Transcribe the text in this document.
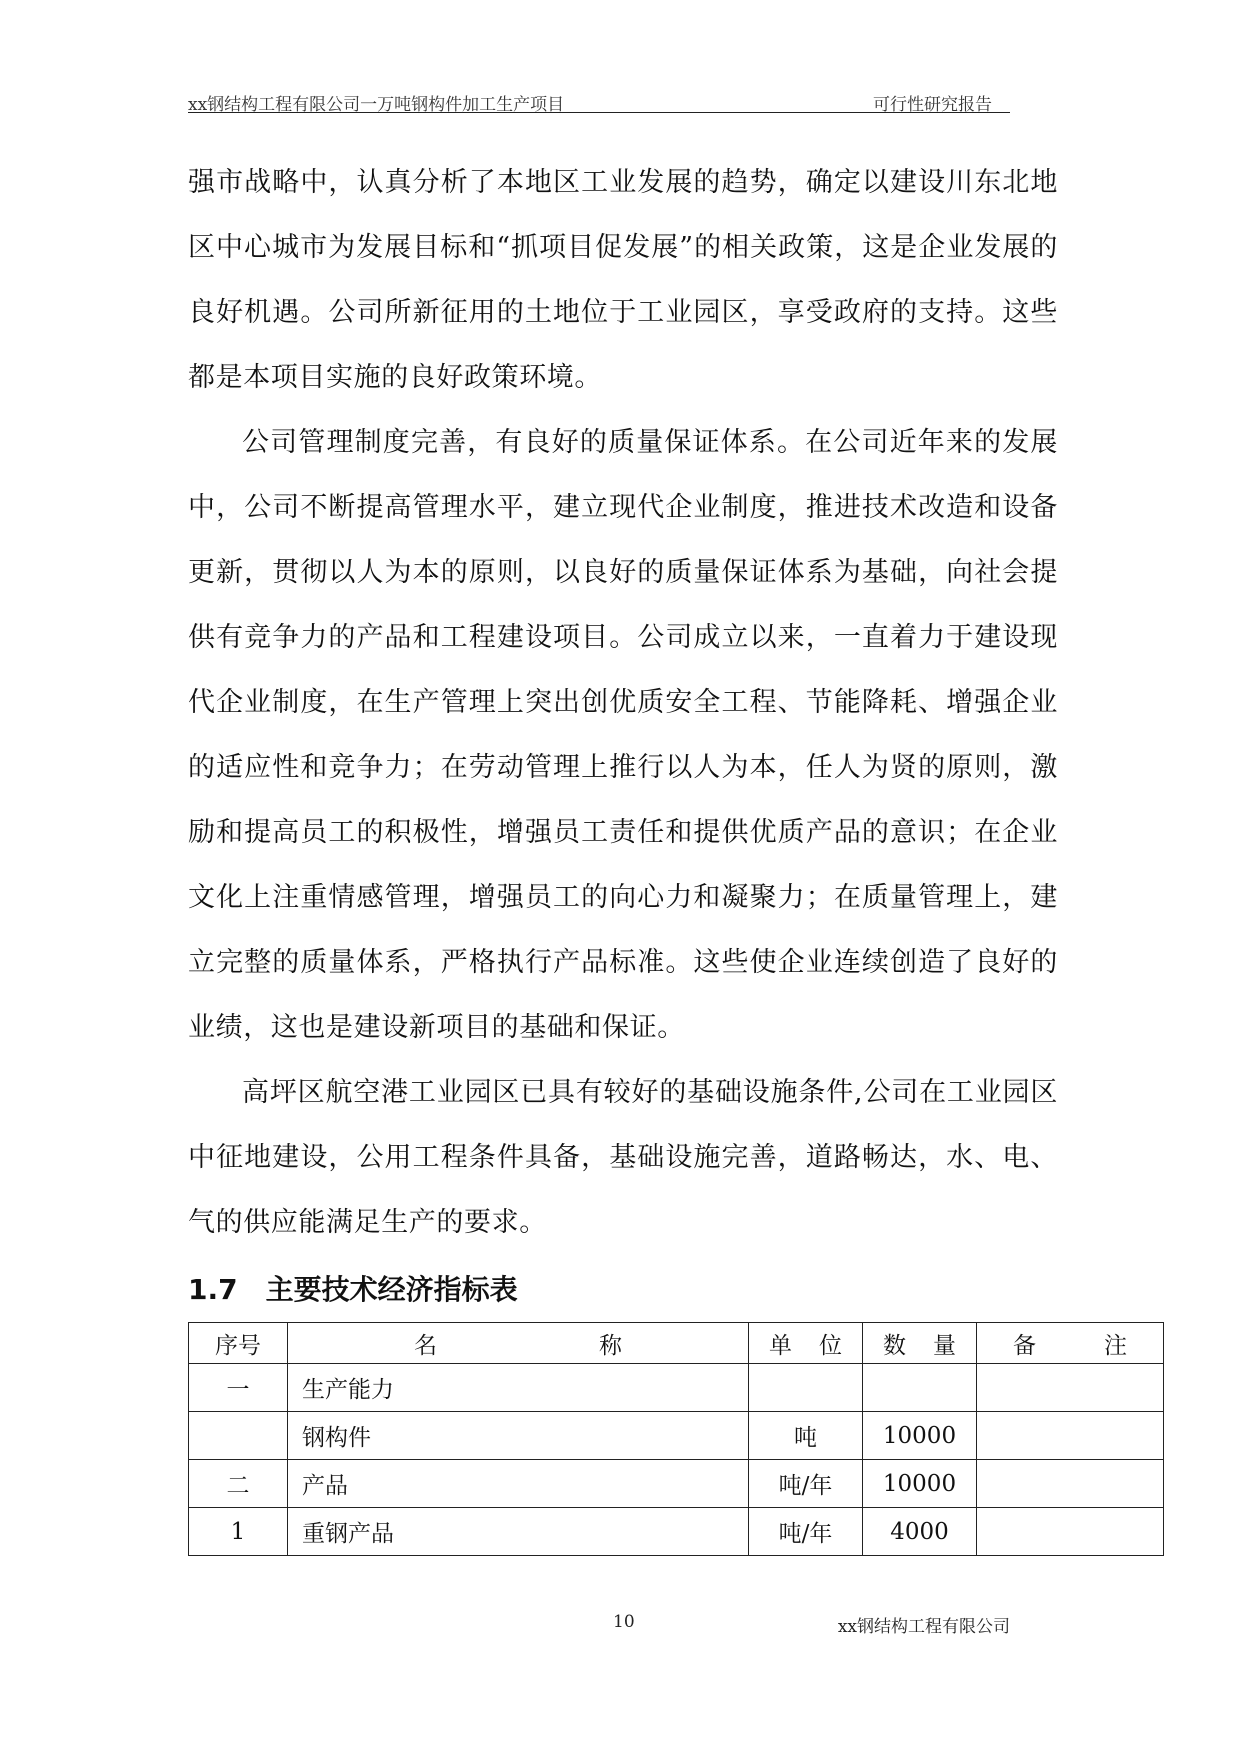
xx钢结构工程有限公司一万吨钢构件加工生产项目	可行性研究报告

强市战略中，认真分析了本地区工业发展的趋势，确定以建设川东北地区中心城市为发展目标和“抓项目促发展”的相关政策，这是企业发展的良好机遇。公司所新征用的土地位于工业园区，享受政府的支持。这些都是本项目实施的良好政策环境。

公司管理制度完善，有良好的质量保证体系。在公司近年来的发展中，公司不断提高管理水平，建立现代企业制度，推进技术改造和设备更新，贯彻以人为本的原则，以良好的质量保证体系为基础，向社会提供有竞争力的产品和工程建设项目。公司成立以来，一直着力于建设现代企业制度，在生产管理上突出创优质安全工程、节能降耗、增强企业的适应性和竞争力；在劳动管理上推行以人为本，任人为贤的原则，激励和提高员工的积极性，增强员工责任和提供优质产品的意识；在企业文化上注重情感管理，增强员工的向心力和凝聚力；在质量管理上，建立完整的质量体系，严格执行产品标准。这些使企业连续创造了良好的业绩，这也是建设新项目的基础和保证。

高坪区航空港工业园区已具有较好的基础设施条件,公司在工业园区中征地建设，公用工程条件具备，基础设施完善，道路畅达，水、电、气的供应能满足生产的要求。

1.7 主要技术经济指标表
序号	名 称	单 位	数 量	备 注

一	生产能力			
	钢构件	吨	10000	
二	产品	吨/年	10000	
1	重钢产品	吨/年	4000	
10	xx钢结构工程有限公司
